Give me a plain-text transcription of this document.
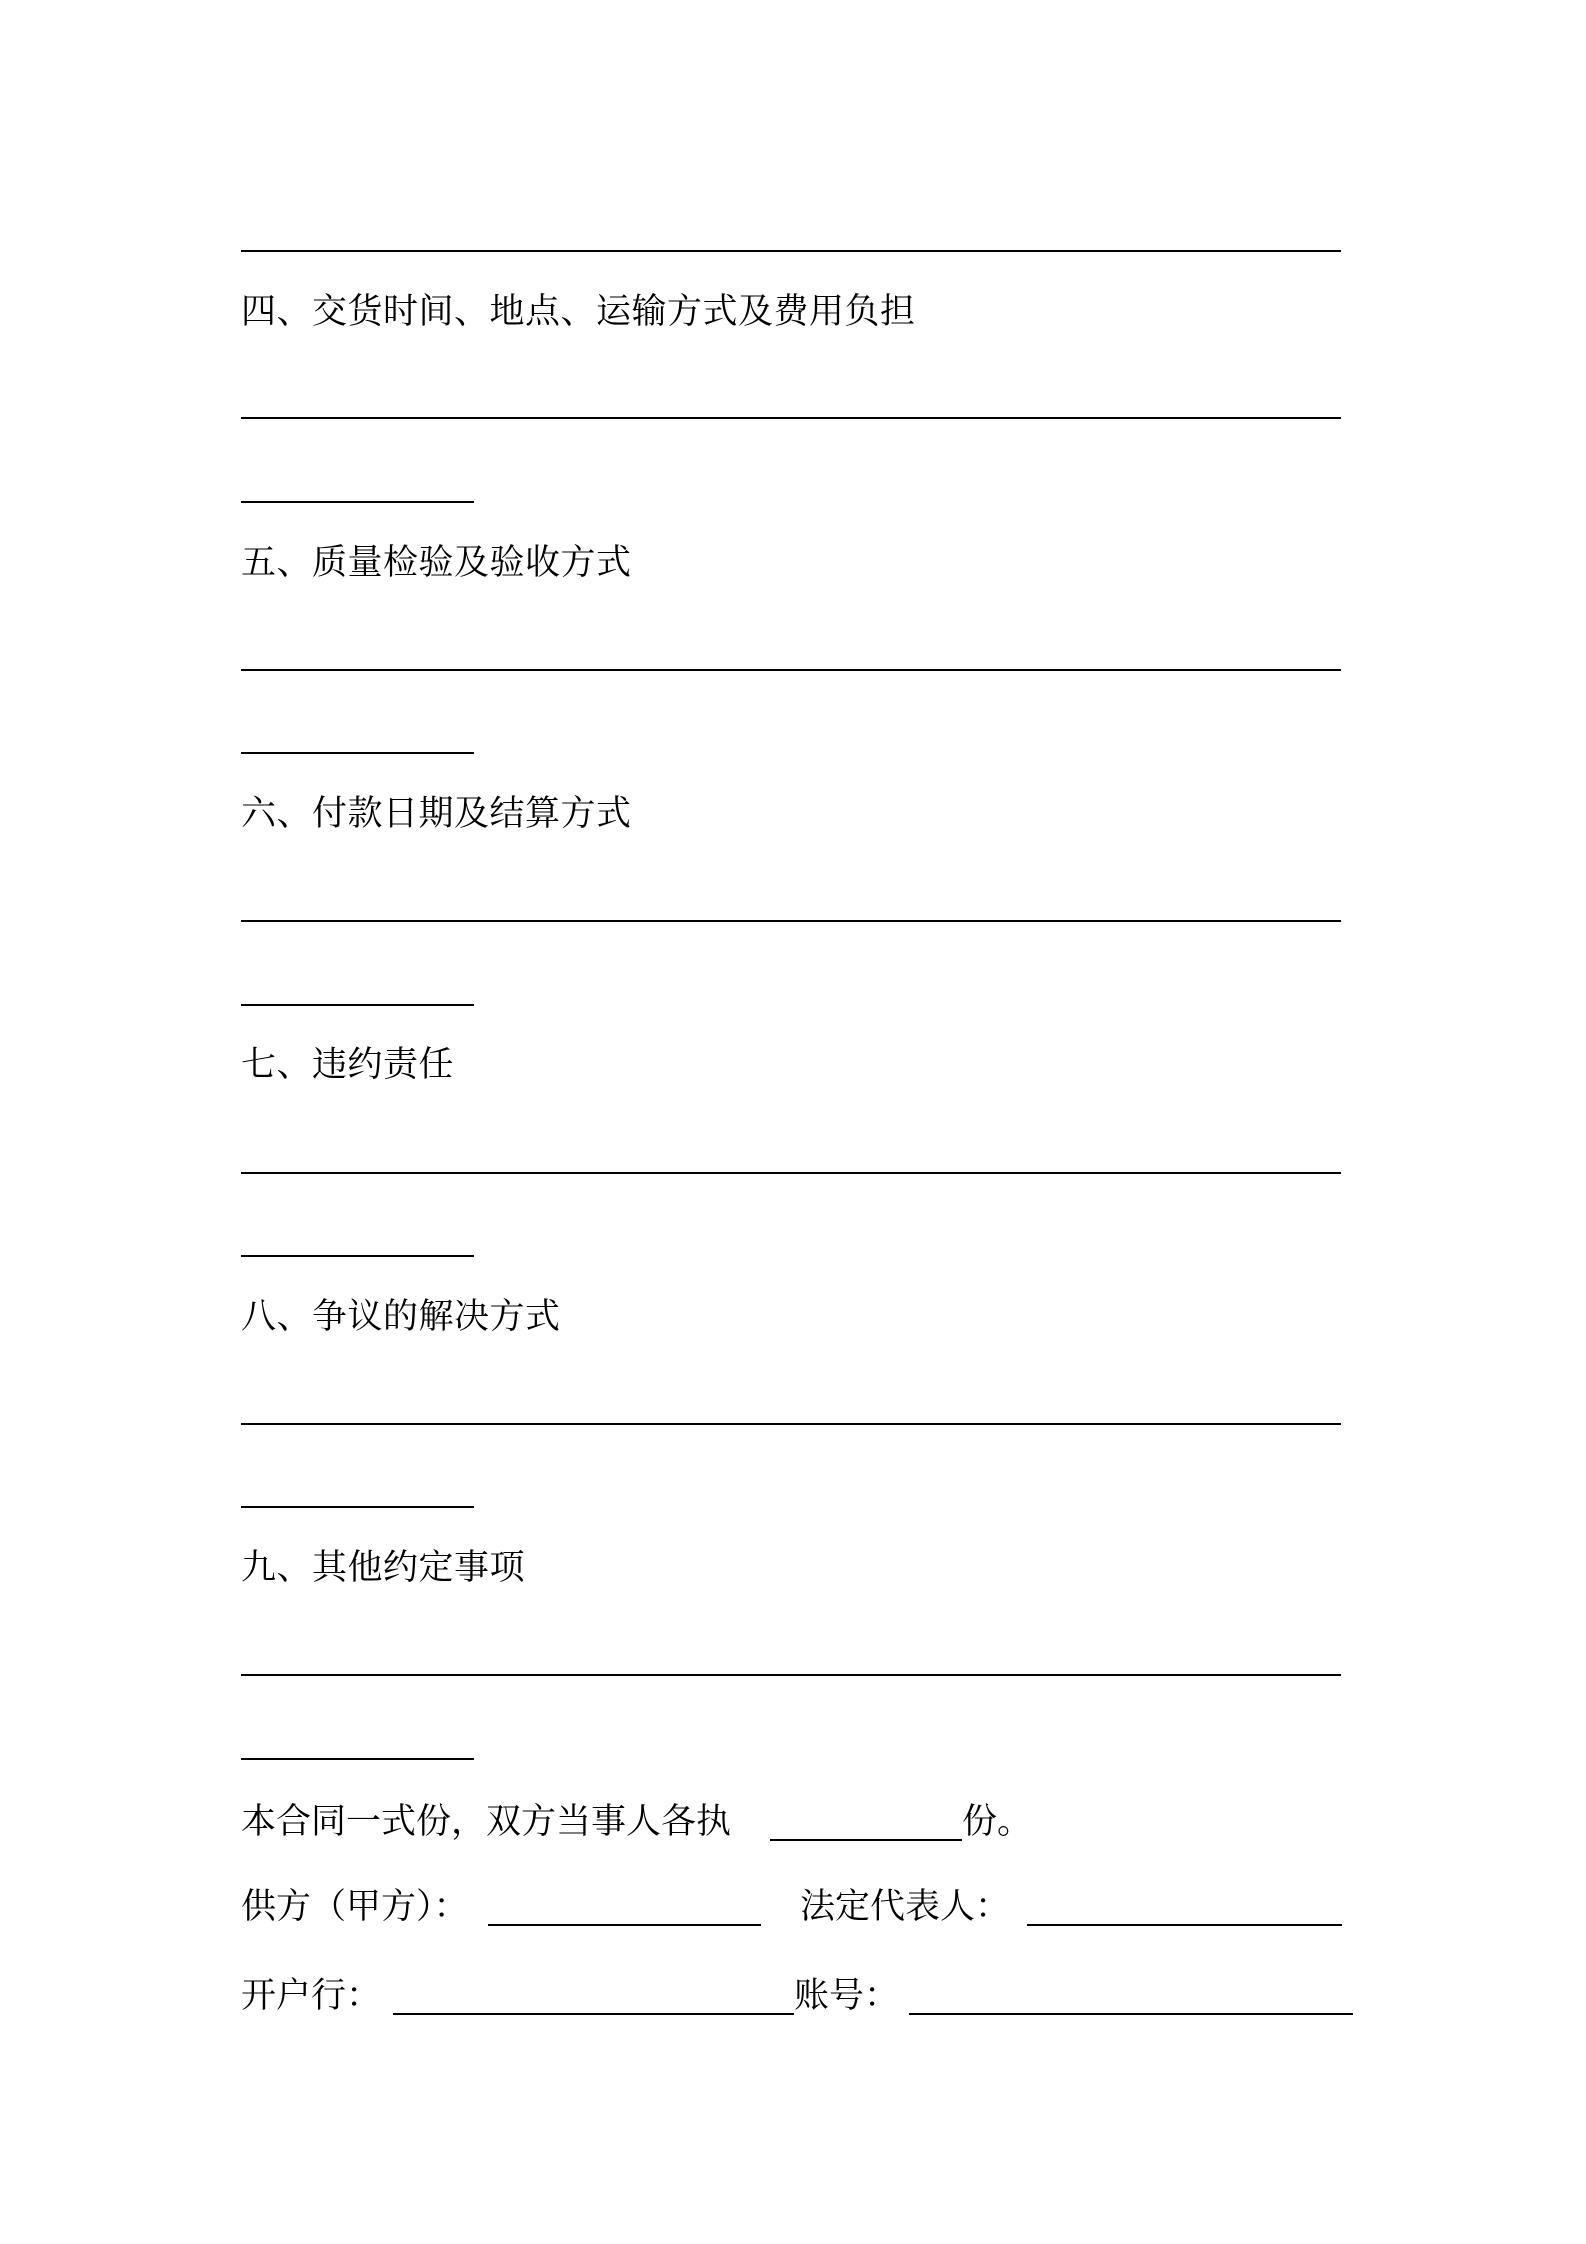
四、交货时间、地点、运输方式及费用负担
五、质量检验及验收方式
六、付款日期及结算方式
七、违约责任
八、争议的解决方式
九、其他约定事项
本合同一式份，双方当事人各执	份。
供方（甲方）：	法定代表人：
开户行：	账号：
